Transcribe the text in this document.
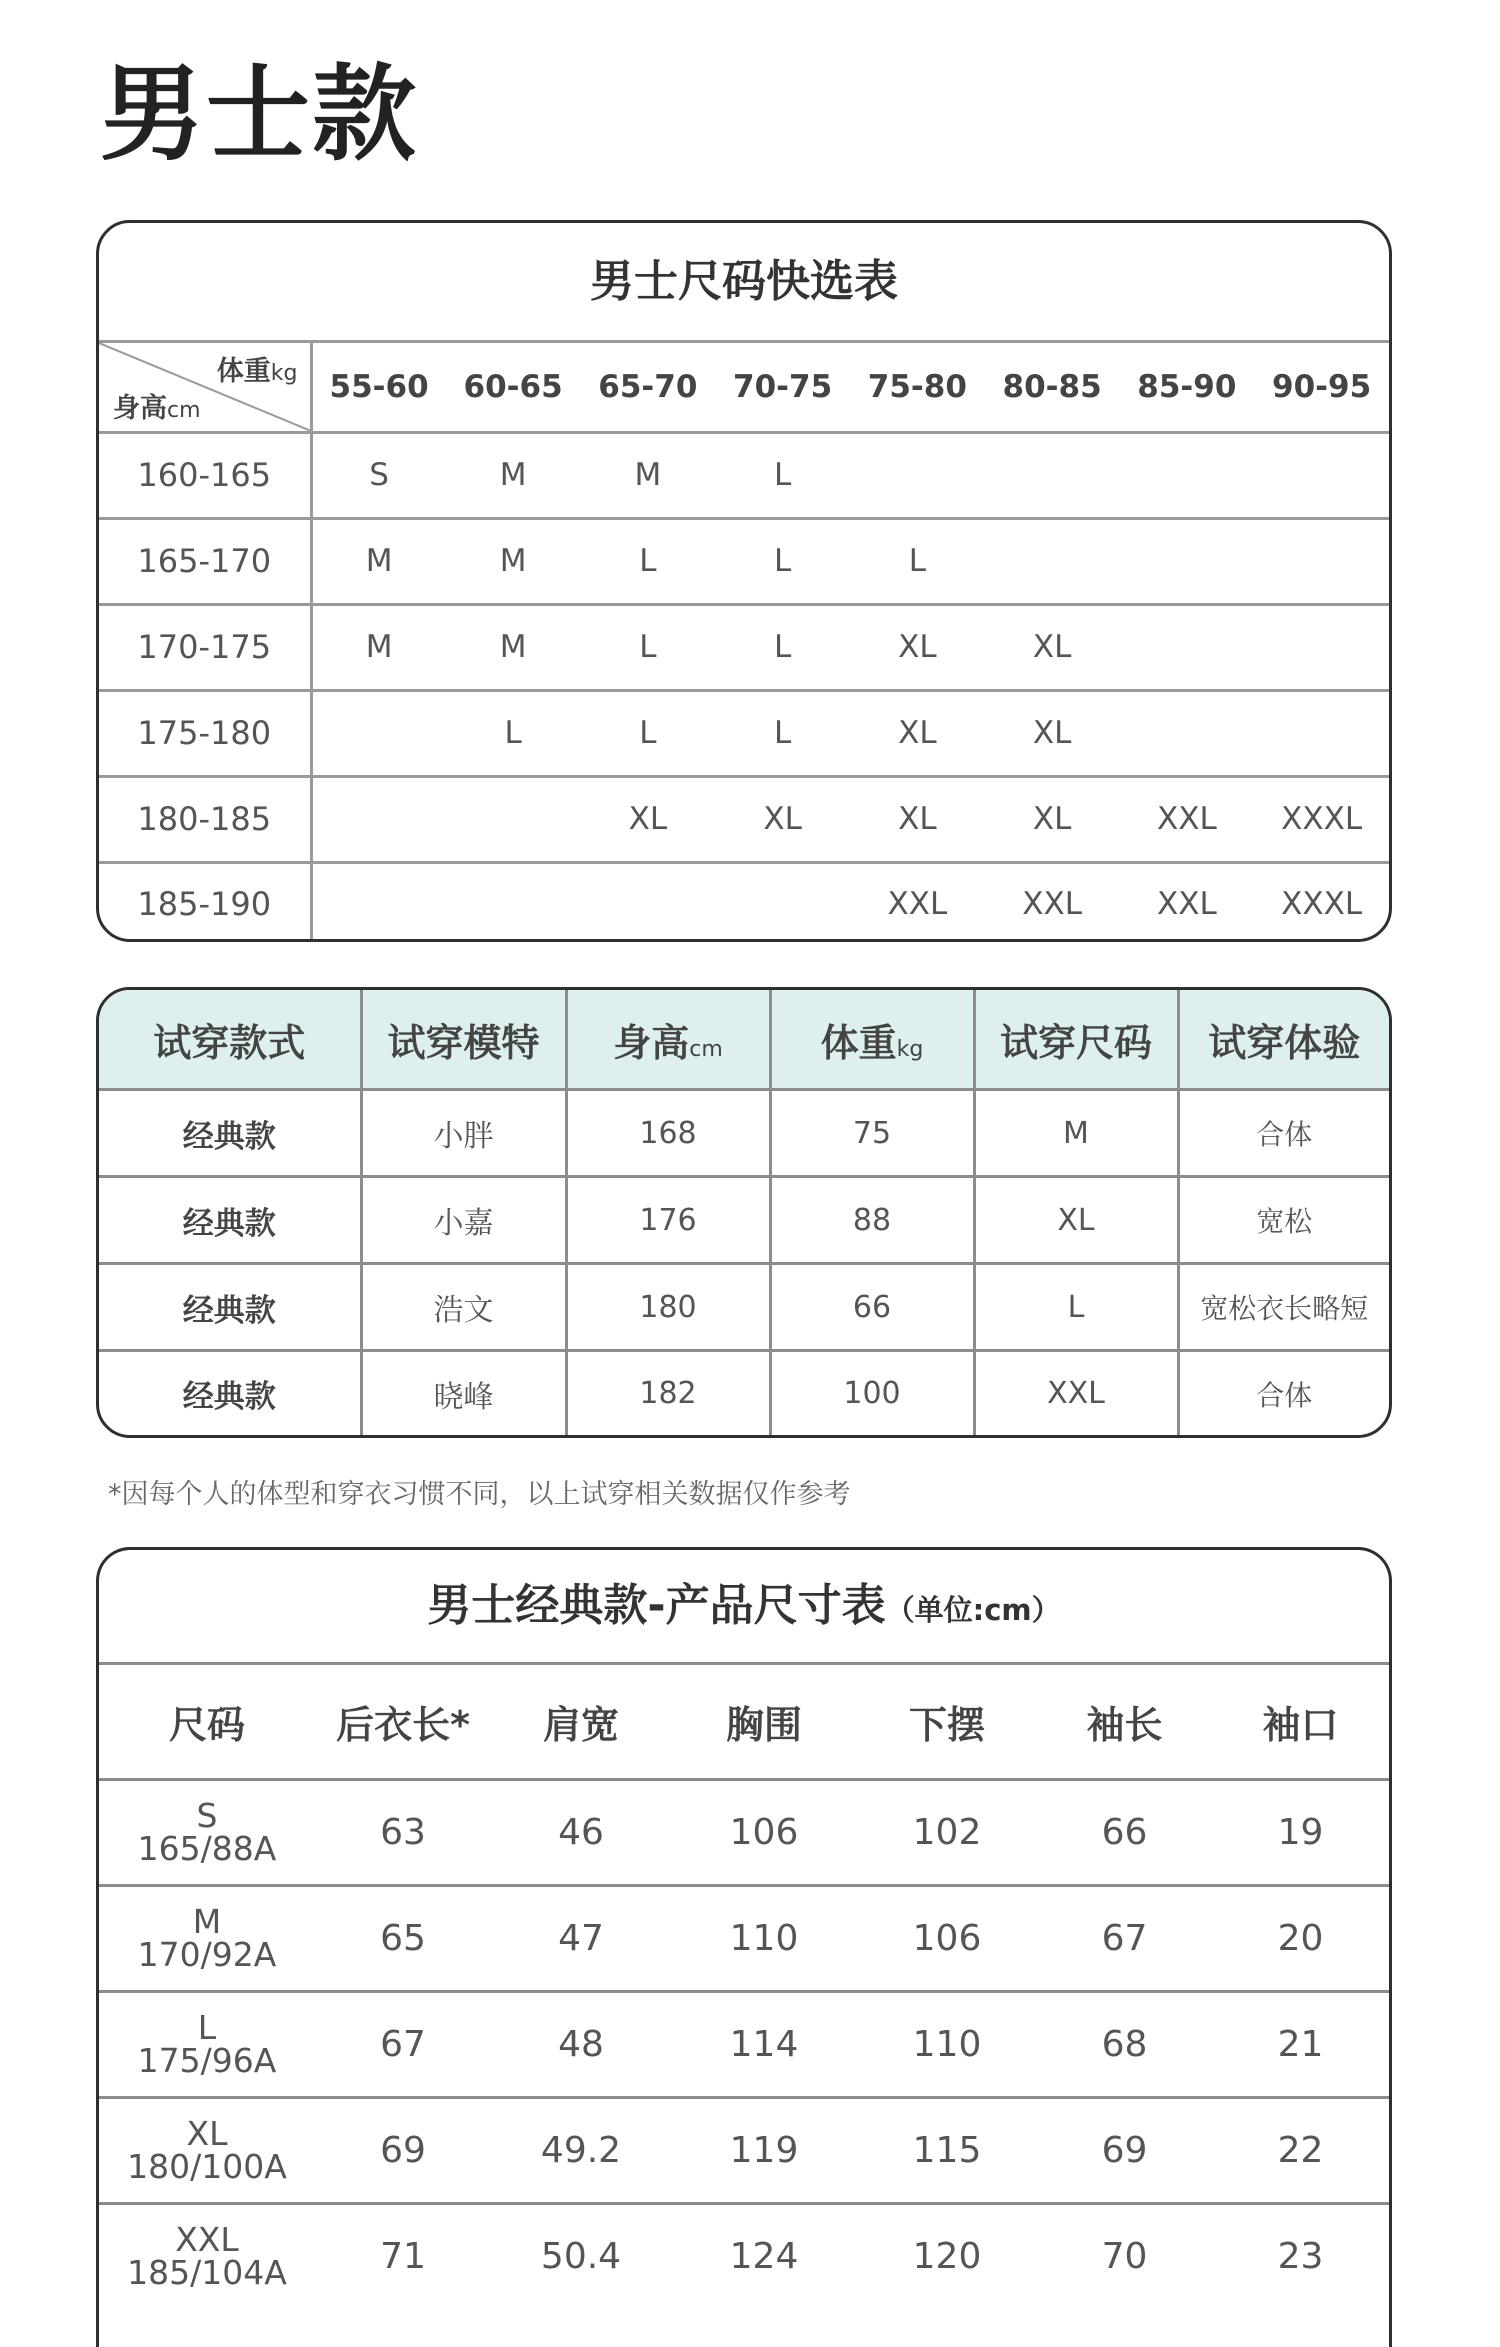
男士款
男士尺码快选表
体重kg
身高cm	55-60	60-65	65-70	70-75	75-80	80-85	85-90	90-95
160-165	S	M	M	L				
165-170	M	M	L	L	L			
170-175	M	M	L	L	XL	XL		
175-180		L	L	L	XL	XL		
180-185			XL	XL	XL	XL	XXL	XXXL
185-190					XXL	XXL	XXL	XXXL
试穿款式	试穿模特	身高cm	体重kg	试穿尺码	试穿体验
经典款	小胖	168	75	M	合体
经典款	小嘉	176	88	XL	宽松
经典款	浩文	180	66	L	宽松衣长略短
经典款	晓峰	182	100	XXL	合体
*因每个人的体型和穿衣习惯不同，以上试穿相关数据仅作参考
男士经典款-产品尺寸表（单位:cm）
尺码	后衣长*	肩宽	胸围	下摆	袖长	袖口

S
165/88A	63	46	106	102	66	19

M
170/92A	65	47	110	106	67	20

L
175/96A	67	48	114	110	68	21

XL
180/100A	69	49.2	119	115	69	22

XXL
185/104A	71	50.4	124	120	70	23
